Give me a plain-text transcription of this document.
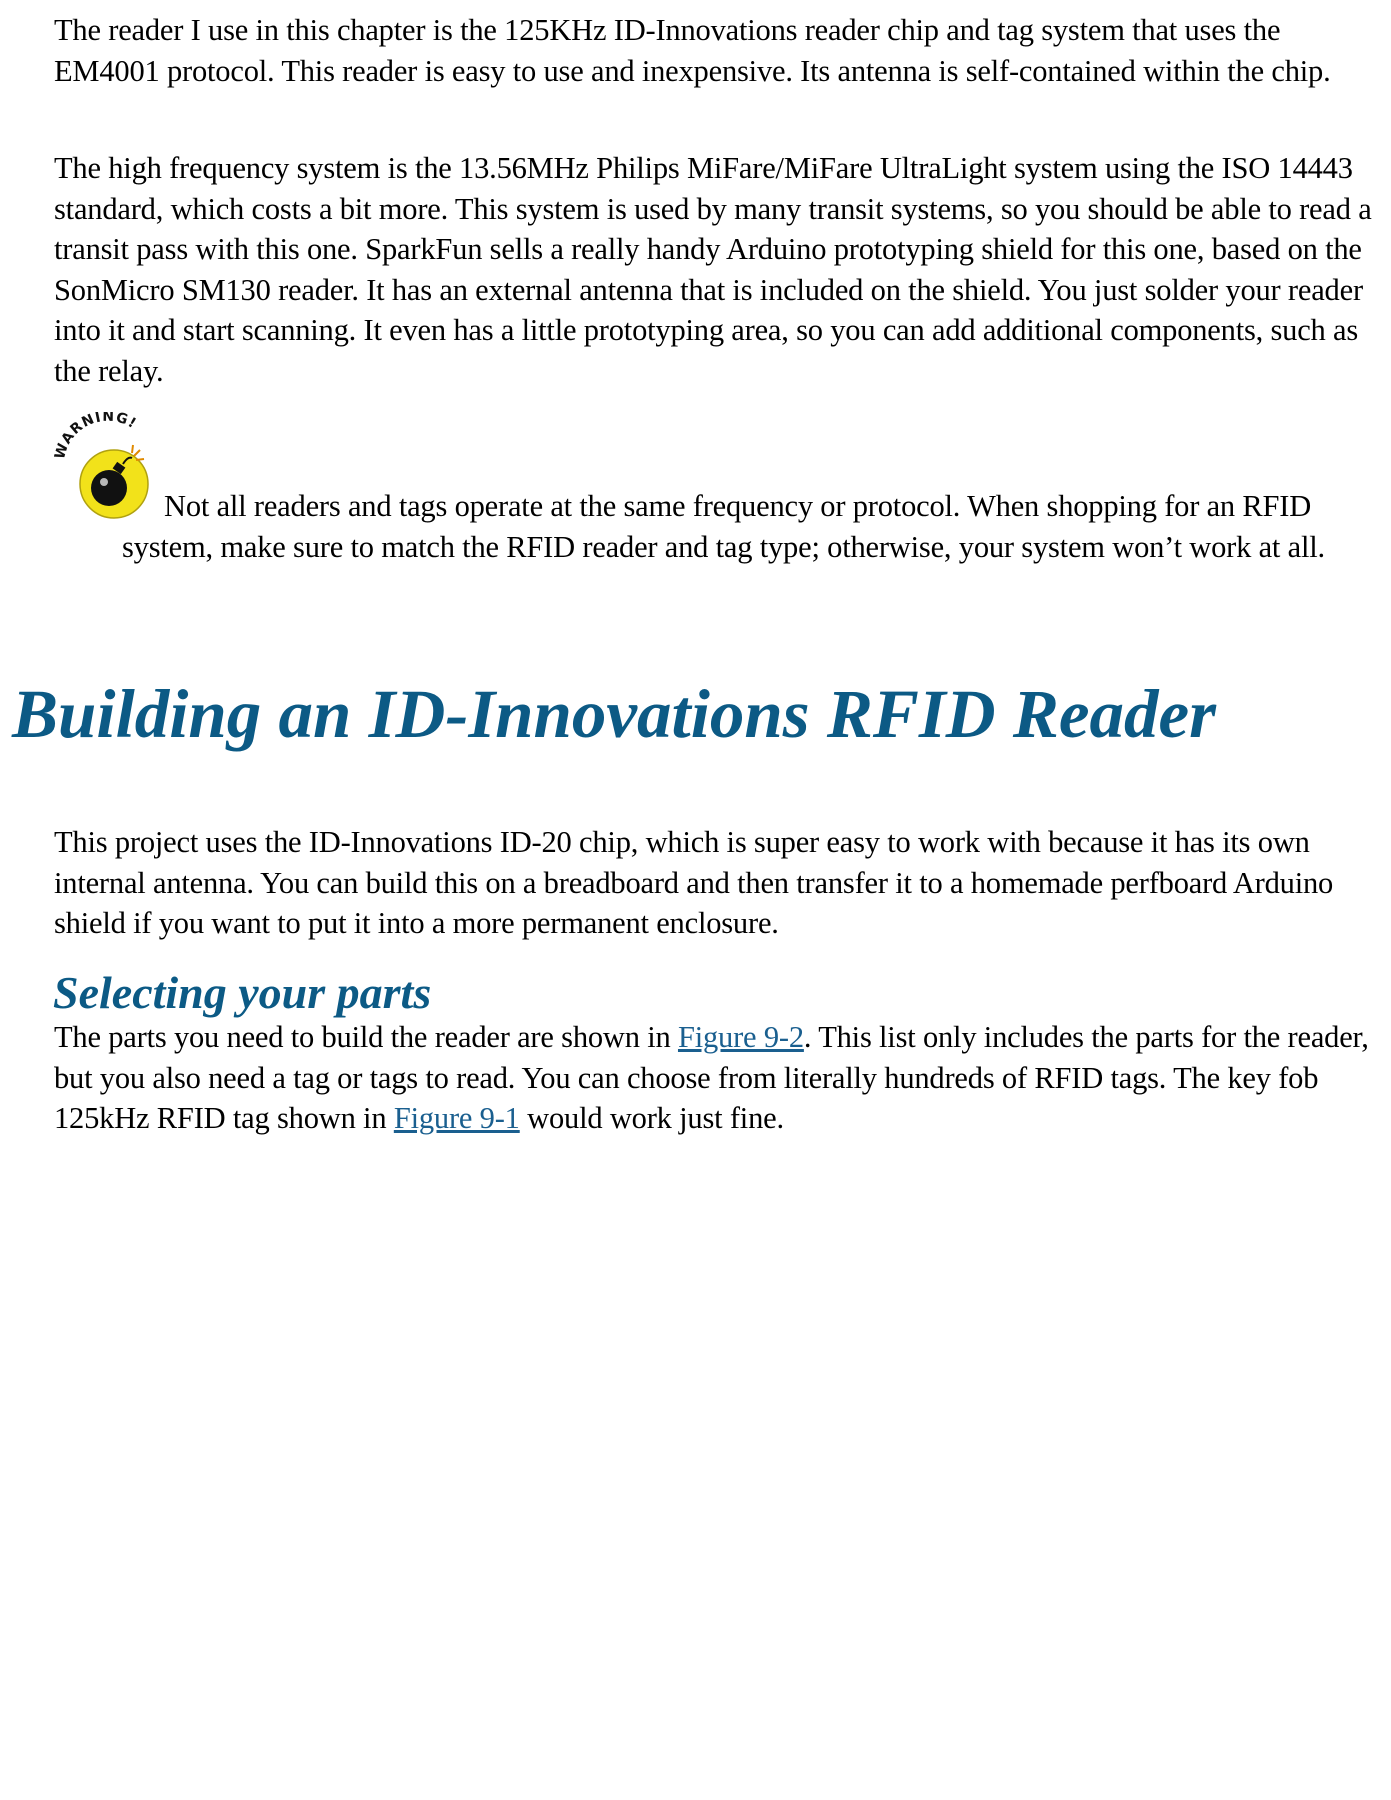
The reader I use in this chapter is the 125KHz ID-Innovations reader chip and tag system that uses the EM4001 protocol. This reader is easy to use and inexpensive. Its antenna is self-contained within the chip.

The high frequency system is the 13.56MHz Philips MiFare/MiFare UltraLight system using the ISO 14443 standard, which costs a bit more. This system is used by many transit systems, so you should be able to read a transit pass with this one. SparkFun sells a really handy Arduino prototyping shield for this one, based on the SonMicro SM130 reader. It has an external antenna that is included on the shield. You just solder your reader into it and start scanning. It even has a little prototyping area, so you can add additional components, such as the relay.

ARNING!

Not all readers and tags operate at the same frequency or protocol. When shopping for an RFID system, make sure to match the RFID reader and tag type; otherwise, your system won’t work at all.

Building an ID-Innovations RFID Reader

This project uses the ID-Innovations ID-20 chip, which is super easy to work with because it has its own internal antenna. You can build this on a breadboard and then transfer it to a homemade perfboard Arduino shield if you want to put it into a more permanent enclosure.

Selecting your parts

The parts you need to build the reader are shown in Figure 9-2. This list only includes the parts for the reader, but you also need a tag or tags to read. You can choose from literally hundreds of RFID tags. The key fob 125kHz RFID tag shown in Figure 9-1 would work just fine.
